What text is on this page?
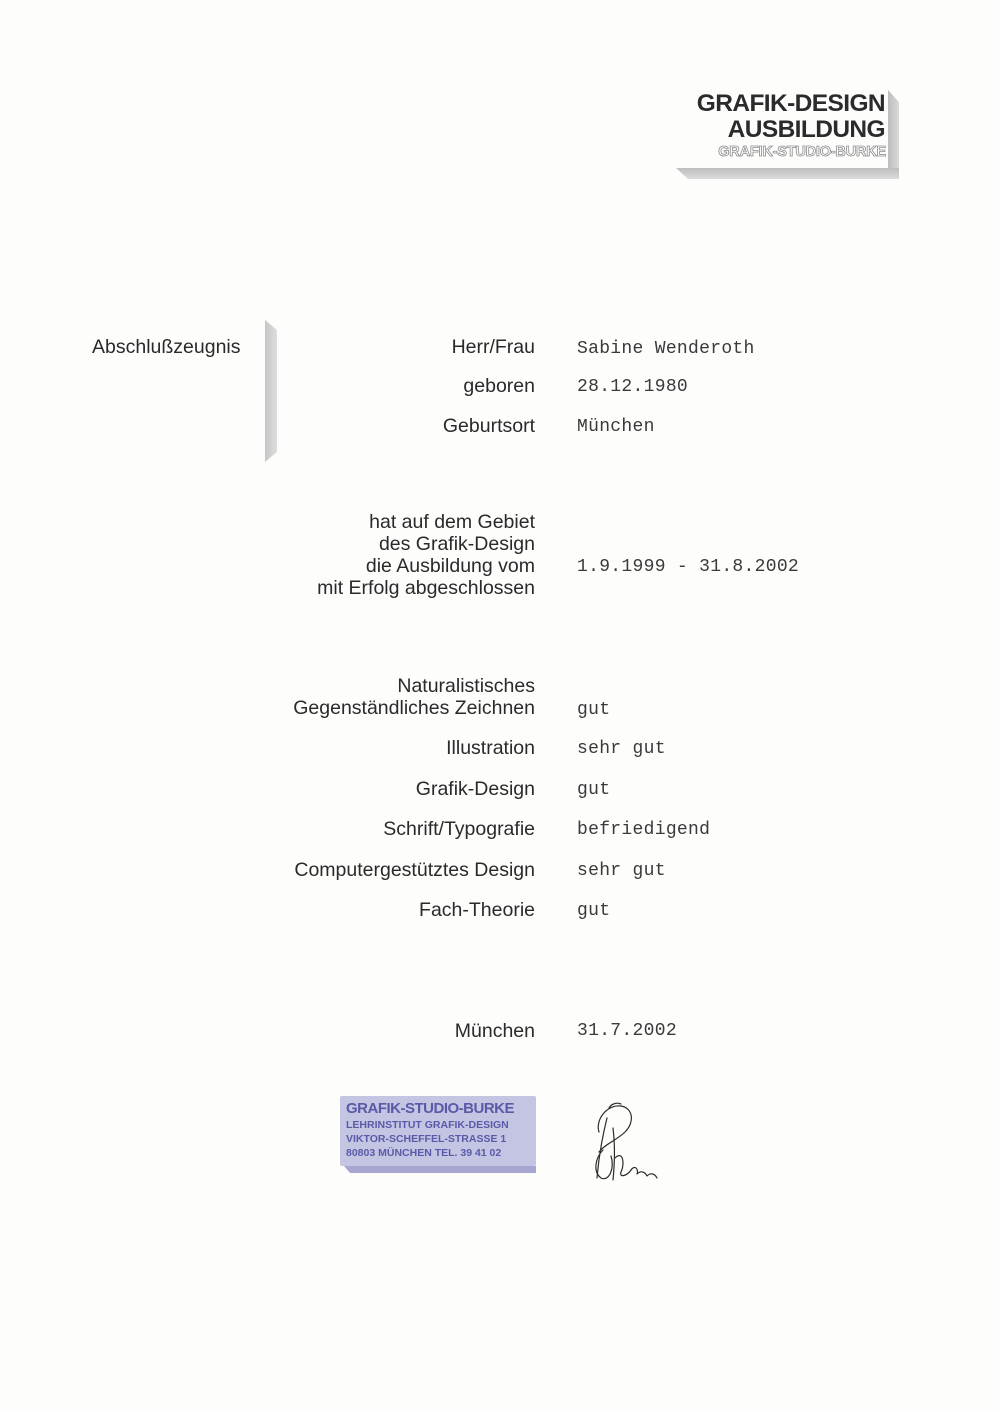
GRAFIK-DESIGN
AUSBILDUNG
GRAFIK-STUDIO-BURKE
Abschlußzeugnis	Herr/Frau Sabine Wenderoth
geboren 28.12.1980
Geburtsort München
hat auf dem Gebiet
des Grafik-Design
die Ausbildung vom
mit Erfolg abgeschlossen
1.9.1999 - 31.8.2002
Naturalistisches
Gegenständliches Zeichnen gut
Illustration sehr gut
Grafik-Design gut
Schrift/Typografie befriedigend
Computergestütztes Design sehr gut
Fach-Theorie gut
München 31.7.2002
GRAFIK-STUDIO-BURKE
LEHRINSTITUT GRAFIK-DESIGN
VIKTOR-SCHEFFEL-STRASSE 1
80803 MÜNCHEN TEL. 39 41 02
